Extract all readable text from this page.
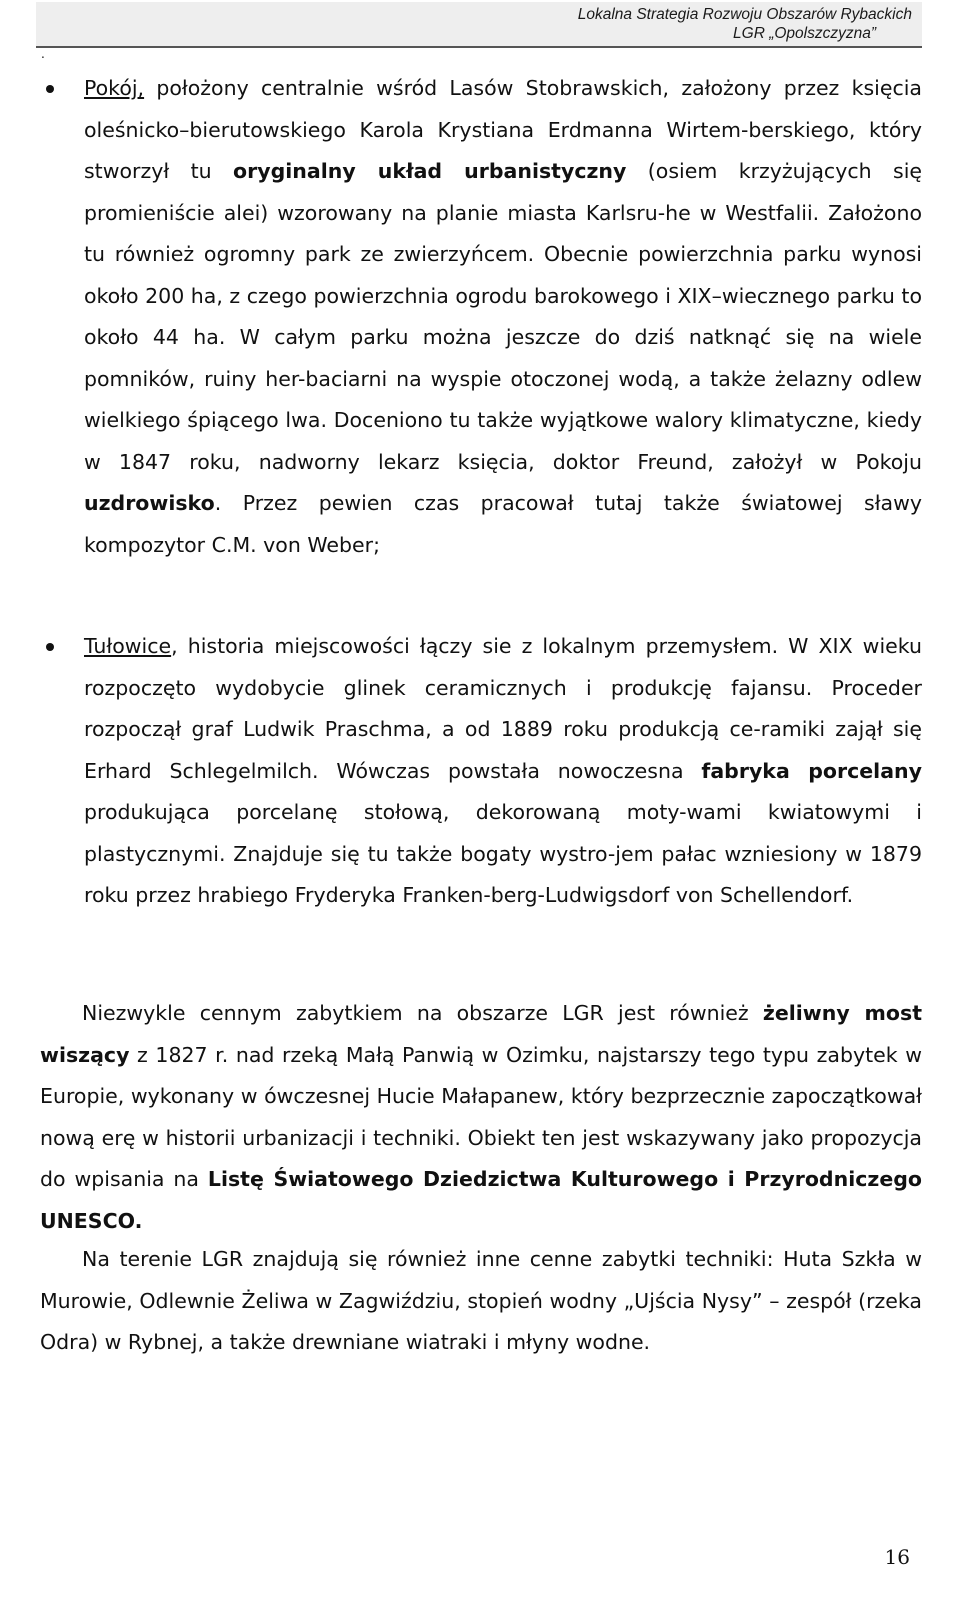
Lokalna Strategia Rozwoju Obszarów Rybackich
LGR „Opolszczyzna”
.

Pokój, położony centralnie wśród Lasów Stobrawskich, założony przez księcia oleśnicko–bierutowskiego Karola Krystiana Erdmanna Wirtem-berskiego, który stworzył tu oryginalny układ urbanistyczny (osiem krzyżujących się promieniście alei) wzorowany na planie miasta Karlsru-he w Westfalii. Założono tu również ogromny park ze zwierzyńcem. Obecnie powierzchnia parku wynosi około 200 ha, z czego powierzchnia ogrodu barokowego i XIX–wiecznego parku to około 44 ha. W całym parku można jeszcze do dziś natknąć się na wiele pomników, ruiny her-baciarni na wyspie otoczonej wodą, a także żelazny odlew wielkiego śpiącego lwa. Doceniono tu także wyjątkowe walory klimatyczne, kiedy w 1847 roku, nadworny lekarz księcia, doktor Freund, założył w Pokoju uzdrowisko. Przez pewien czas pracował tutaj także światowej sławy kompozytor C.M. von Weber;

Tułowice, historia miejscowości łączy sie z lokalnym przemysłem. W XIX wieku rozpoczęto wydobycie glinek ceramicznych i produkcję fajansu. Proceder rozpoczął graf Ludwik Praschma, a od 1889 roku produkcją ce-ramiki zajął się Erhard Schlegelmilch. Wówczas powstała nowoczesna fabryka porcelany produkująca porcelanę stołową, dekorowaną moty-wami kwiatowymi i plastycznymi. Znajduje się tu także bogaty wystro-jem pałac wzniesiony w 1879 roku przez hrabiego Fryderyka Franken-berg-Ludwigsdorf von Schellendorf.

Niezwykle cennym zabytkiem na obszarze LGR jest również żeliwny most wiszący z 1827 r. nad rzeką Małą Panwią w Ozimku, najstarszy tego typu zabytek w Europie, wykonany w ówczesnej Hucie Małapanew, który bezprzecznie zapoczątkował nową erę w historii urbanizacji i techniki. Obiekt ten jest wskazywany jako propozycja do wpisania na Listę Światowego Dziedzictwa Kulturowego i Przyrodniczego UNESCO.

Na terenie LGR znajdują się również inne cenne zabytki techniki: Huta Szkła w Murowie, Odlewnie Żeliwa w Zagwiździu, stopień wodny „Ujścia Nysy” – zespół (rzeka Odra) w Rybnej, a także drewniane wiatraki i młyny wodne.

16
